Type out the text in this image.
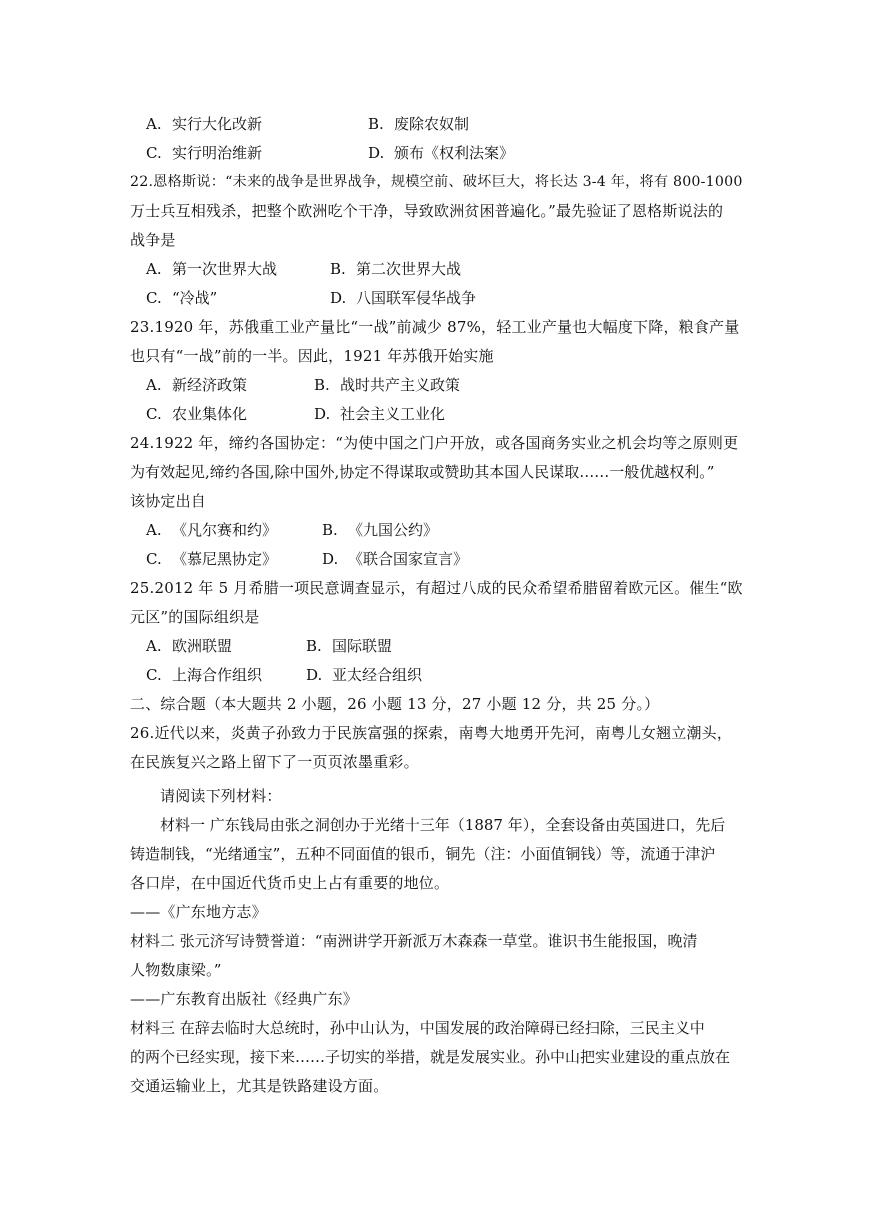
A. 实行大化改新	B. 废除农奴制
C. 实行明治维新	D. 颁布《权利法案》
22.恩格斯说：“未来的战争是世界战争，规模空前、破坏巨大，将长达 3-4 年，将有 800-1000
万士兵互相残杀，把整个欧洲吃个干净，导致欧洲贫困普遍化。”最先验证了恩格斯说法的
战争是
A. 第一次世界大战	B. 第二次世界大战
C. “冷战”	D. 八国联军侵华战争
23.1920 年，苏俄重工业产量比“一战”前减少 87%，轻工业产量也大幅度下降，粮食产量
也只有“一战”前的一半。因此，1921 年苏俄开始实施
A. 新经济政策	B. 战时共产主义政策
C. 农业集体化	D. 社会主义工业化
24.1922 年，缔约各国协定：“为使中国之门户开放，或各国商务实业之机会均等之原则更
为有效起见,缔约各国,除中国外,协定不得谋取或赞助其本国人民谋取……一般优越权利。”
该协定出自
A. 《凡尔赛和约》	B. 《九国公约》
C. 《慕尼黑协定》	D. 《联合国家宣言》
25.2012 年 5 月希腊一项民意调查显示，有超过八成的民众希望希腊留着欧元区。催生“欧
元区”的国际组织是
A. 欧洲联盟	B. 国际联盟
C. 上海合作组织	D. 亚太经合组织
二、综合题（本大题共 2 小题，26 小题 13 分，27 小题 12 分，共 25 分。）
26.近代以来，炎黄子孙致力于民族富强的探索，南粤大地勇开先河，南粤儿女翘立潮头，
在民族复兴之路上留下了一页页浓墨重彩。
请阅读下列材料：
材料一 广东钱局由张之洞创办于光绪十三年（1887 年），全套设备由英国进口，先后
铸造制钱，“光绪通宝”，五种不同面值的银币，铜先（注：小面值铜钱）等，流通于津沪
各口岸，在中国近代货币史上占有重要的地位。
——《广东地方志》
材料二 张元济写诗赞誉道：“南洲讲学开新派万木森森一草堂。谁识书生能报国，晚清
人物数康梁。”
——广东教育出版社《经典广东》
材料三 在辞去临时大总统时，孙中山认为，中国发展的政治障碍已经扫除，三民主义中
的两个已经实现，接下来……子切实的举措，就是发展实业。孙中山把实业建设的重点放在
交通运输业上，尤其是铁路建设方面。
